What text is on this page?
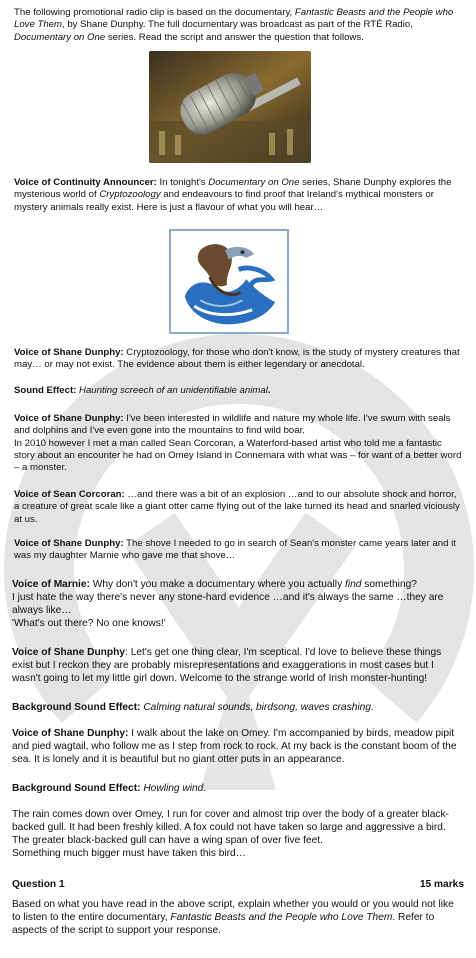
The following promotional radio clip is based on the documentary, Fantastic Beasts and the People who Love Them, by Shane Dunphy. The full documentary was broadcast as part of the RTÉ Radio, Documentary on One series. Read the script and answer the question that follows.

Voice of Continuity Announcer: In tonight's Documentary on One series, Shane Dunphy explores the mysterious world of Cryptozoology and endeavours to find proof that Ireland's mythical monsters or mystery animals really exist. Here is just a flavour of what you will hear…

Voice of Shane Dunphy: Cryptozoology, for those who don't know, is the study of mystery creatures that may… or may not exist. The evidence about them is either legendary or anecdotal.

Sound Effect: Haunting screech of an unidentifiable animal.

Voice of Shane Dunphy: I've been interested in wildlife and nature my whole life. I've swum with seals and dolphins and I've even gone into the mountains to find wild boar.
In 2010 however I met a man called Sean Corcoran, a Waterford-based artist who told me a fantastic story about an encounter he had on Omey Island in Connemara with what was – for want of a better word – a monster.

Voice of Sean Corcoran: …and there was a bit of an explosion …and to our absolute shock and horror, a creature of great scale like a giant otter came flying out of the lake turned its head and snarled viciously at us.

Voice of Shane Dunphy: The shove I needed to go in search of Sean's monster came years later and it was my daughter Marnie who gave me that shove…

Voice of Marnie: Why don't you make a documentary where you actually find something?
I just hate the way there's never any stone-hard evidence …and it's always the same …they are always like…
'What's out there? No one knows!'

Voice of Shane Dunphy: Let's get one thing clear, I'm sceptical. I'd love to believe these things exist but I reckon they are probably misrepresentations and exaggerations in most cases but I wasn't going to let my little girl down. Welcome to the strange world of Irish monster-hunting!

Background Sound Effect: Calming natural sounds, birdsong, waves crashing.

Voice of Shane Dunphy: I walk about the lake on Omey. I'm accompanied by birds, meadow pipit and pied wagtail, who follow me as I step from rock to rock. At my back is the constant boom of the sea. It is lonely and it is beautiful but no giant otter puts in an appearance.

Background Sound Effect: Howling wind.

The rain comes down over Omey, I run for cover and almost trip over the body of a greater black-backed gull. It had been freshly killed. A fox could not have taken so large and aggressive a bird. The greater black-backed gull can have a wing span of over five feet.
Something much bigger must have taken this bird…

Question 1	15 marks

Based on what you have read in the above script, explain whether you would or you would not like to listen to the entire documentary, Fantastic Beasts and the People who Love Them. Refer to aspects of the script to support your response.
